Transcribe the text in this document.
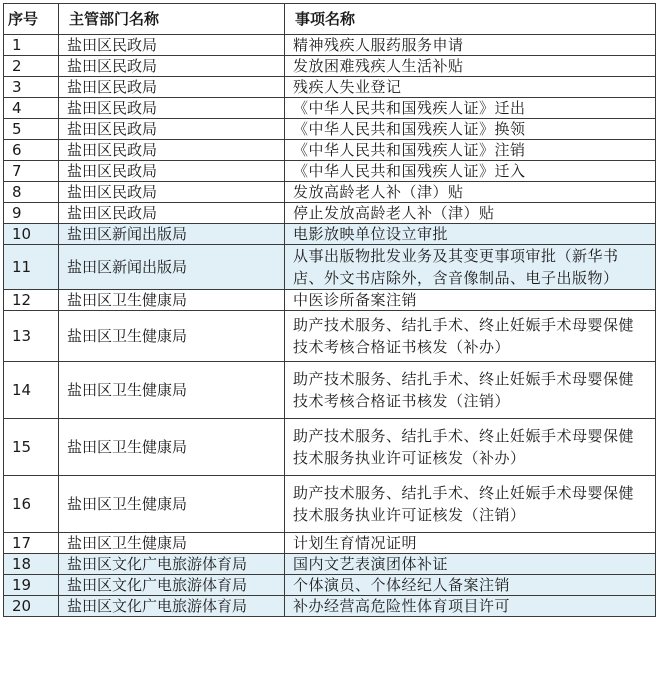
序号	主管部门名称	事项名称
1	盐田区民政局	精神残疾人服药服务申请
2	盐田区民政局	发放困难残疾人生活补贴
3	盐田区民政局	残疾人失业登记
4	盐田区民政局	《中华人民共和国残疾人证》迁出
5	盐田区民政局	《中华人民共和国残疾人证》换领
6	盐田区民政局	《中华人民共和国残疾人证》注销
7	盐田区民政局	《中华人民共和国残疾人证》迁入
8	盐田区民政局	发放高龄老人补（津）贴
9	盐田区民政局	停止发放高龄老人补（津）贴
10	盐田区新闻出版局	电影放映单位设立审批
11	盐田区新闻出版局	从事出版物批发业务及其变更事项审批（新华书店、外文书店除外，含音像制品、电子出版物）
12	盐田区卫生健康局	中医诊所备案注销
13	盐田区卫生健康局	助产技术服务、结扎手术、终止妊娠手术母婴保健技术考核合格证书核发（补办）
14	盐田区卫生健康局	助产技术服务、结扎手术、终止妊娠手术母婴保健技术考核合格证书核发（注销）
15	盐田区卫生健康局	助产技术服务、结扎手术、终止妊娠手术母婴保健技术服务执业许可证核发（补办）
16	盐田区卫生健康局	助产技术服务、结扎手术、终止妊娠手术母婴保健技术服务执业许可证核发（注销）
17	盐田区卫生健康局	计划生育情况证明
18	盐田区文化广电旅游体育局	国内文艺表演团体补证
19	盐田区文化广电旅游体育局	个体演员、个体经纪人备案注销
20	盐田区文化广电旅游体育局	补办经营高危险性体育项目许可
